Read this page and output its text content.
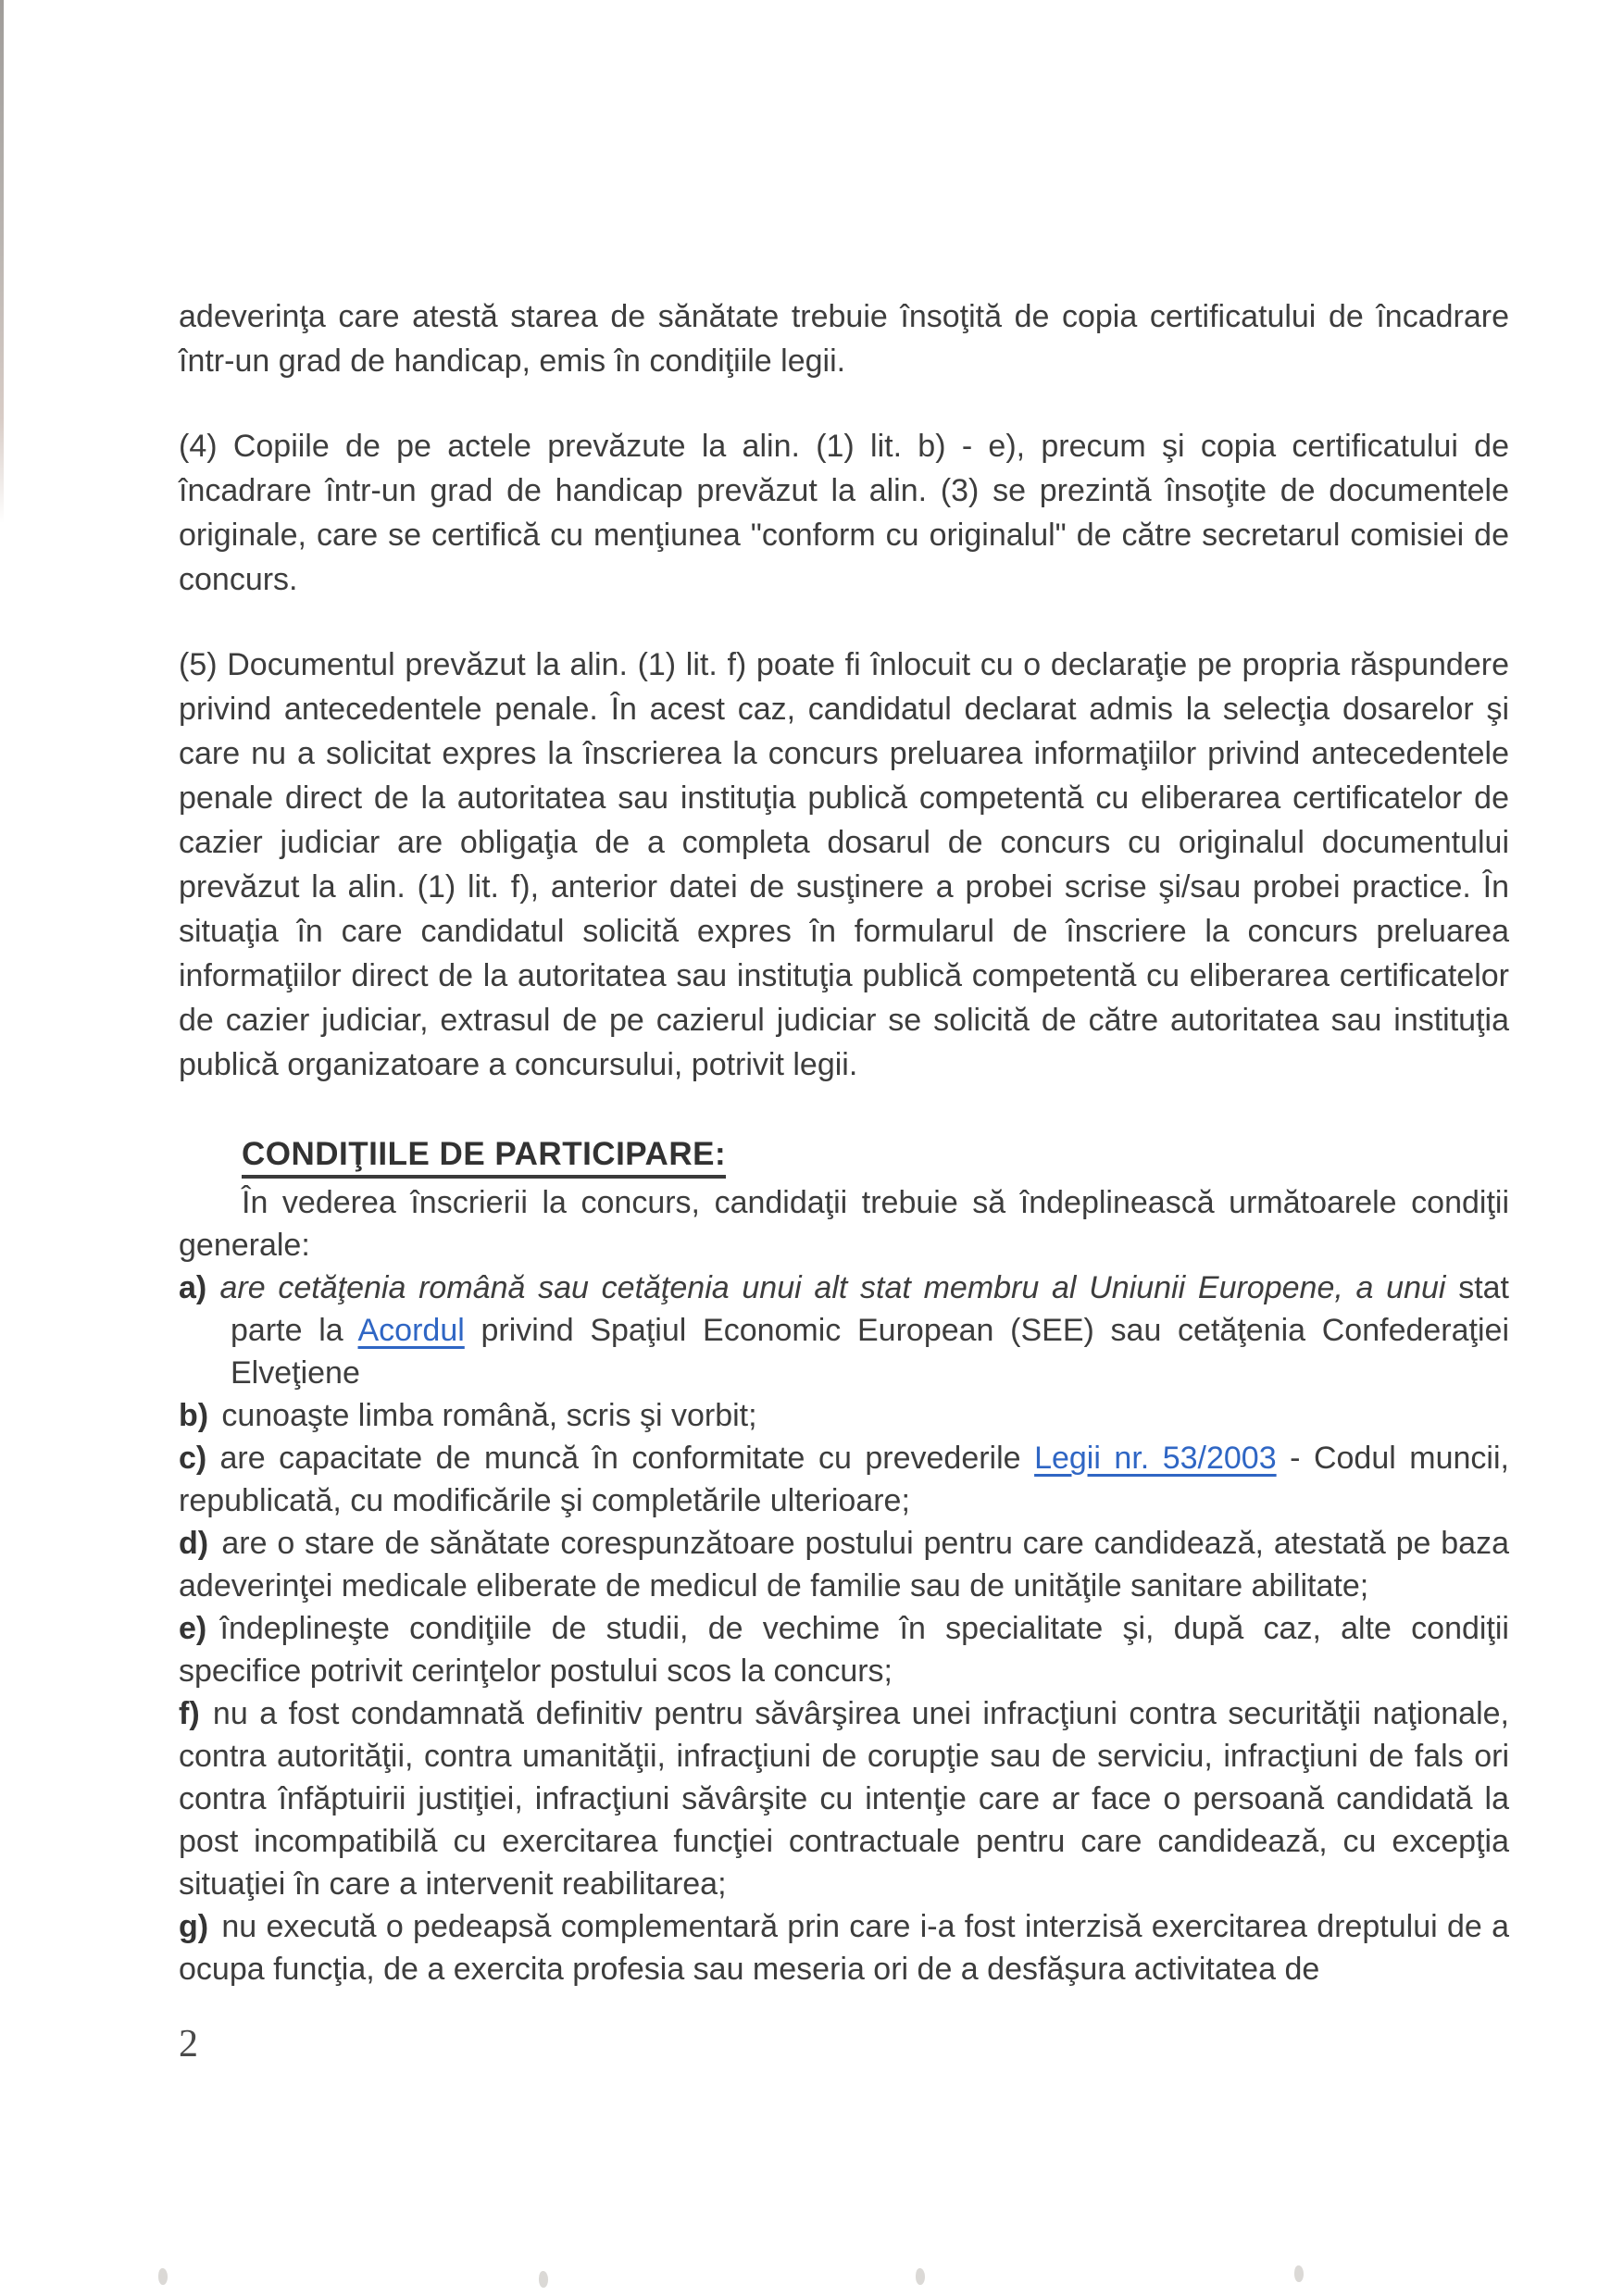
adeverinţa care atestă starea de sănătate trebuie însoţită de copia certificatului de încadrare într-un grad de handicap, emis în condiţiile legii.

(4) Copiile de pe actele prevăzute la alin. (1) lit. b) - e), precum şi copia certificatului de încadrare într-un grad de handicap prevăzut la alin. (3) se prezintă însoţite de documentele originale, care se certifică cu menţiunea "conform cu originalul" de către secretarul comisiei de concurs.

(5) Documentul prevăzut la alin. (1) lit. f) poate fi înlocuit cu o declaraţie pe propria răspundere privind antecedentele penale. În acest caz, candidatul declarat admis la selecţia dosarelor şi care nu a solicitat expres la înscrierea la concurs preluarea informaţiilor privind antecedentele penale direct de la autoritatea sau instituţia publică competentă cu eliberarea certificatelor de cazier judiciar are obligaţia de a completa dosarul de concurs cu originalul documentului prevăzut la alin. (1) lit. f), anterior datei de susţinere a probei scrise şi/sau probei practice. În situaţia în care candidatul solicită expres în formularul de înscriere la concurs preluarea informaţiilor direct de la autoritatea sau instituţia publică competentă cu eliberarea certificatelor de cazier judiciar, extrasul de pe cazierul judiciar se solicită de către autoritatea sau instituţia publică organizatoare a concursului, potrivit legii.

CONDIŢIILE DE PARTICIPARE:

În vederea înscrierii la concurs, candidaţii trebuie să îndeplinească următoarele condiţii generale:

a) are cetăţenia română sau cetăţenia unui alt stat membru al Uniunii Europene, a unui stat parte la Acordul privind Spaţiul Economic European (SEE) sau cetăţenia Confederaţiei Elveţiene
b) cunoaşte limba română, scris şi vorbit;
c) are capacitate de muncă în conformitate cu prevederile Legii nr. 53/2003 - Codul muncii, republicată, cu modificările şi completările ulterioare;
d) are o stare de sănătate corespunzătoare postului pentru care candidează, atestată pe baza adeverinţei medicale eliberate de medicul de familie sau de unităţile sanitare abilitate;
e) îndeplineşte condiţiile de studii, de vechime în specialitate şi, după caz, alte condiţii specifice potrivit cerinţelor postului scos la concurs;
f) nu a fost condamnată definitiv pentru săvârşirea unei infracţiuni contra securităţii naţionale, contra autorităţii, contra umanităţii, infracţiuni de corupţie sau de serviciu, infracţiuni de fals ori contra înfăptuirii justiţiei, infracţiuni săvârşite cu intenţie care ar face o persoană candidată la post incompatibilă cu exercitarea funcţiei contractuale pentru care candidează, cu excepţia situaţiei în care a intervenit reabilitarea;
g) nu execută o pedeapsă complementară prin care i-a fost interzisă exercitarea dreptului de a ocupa funcţia, de a exercita profesia sau meseria ori de a desfăşura activitatea de
2
